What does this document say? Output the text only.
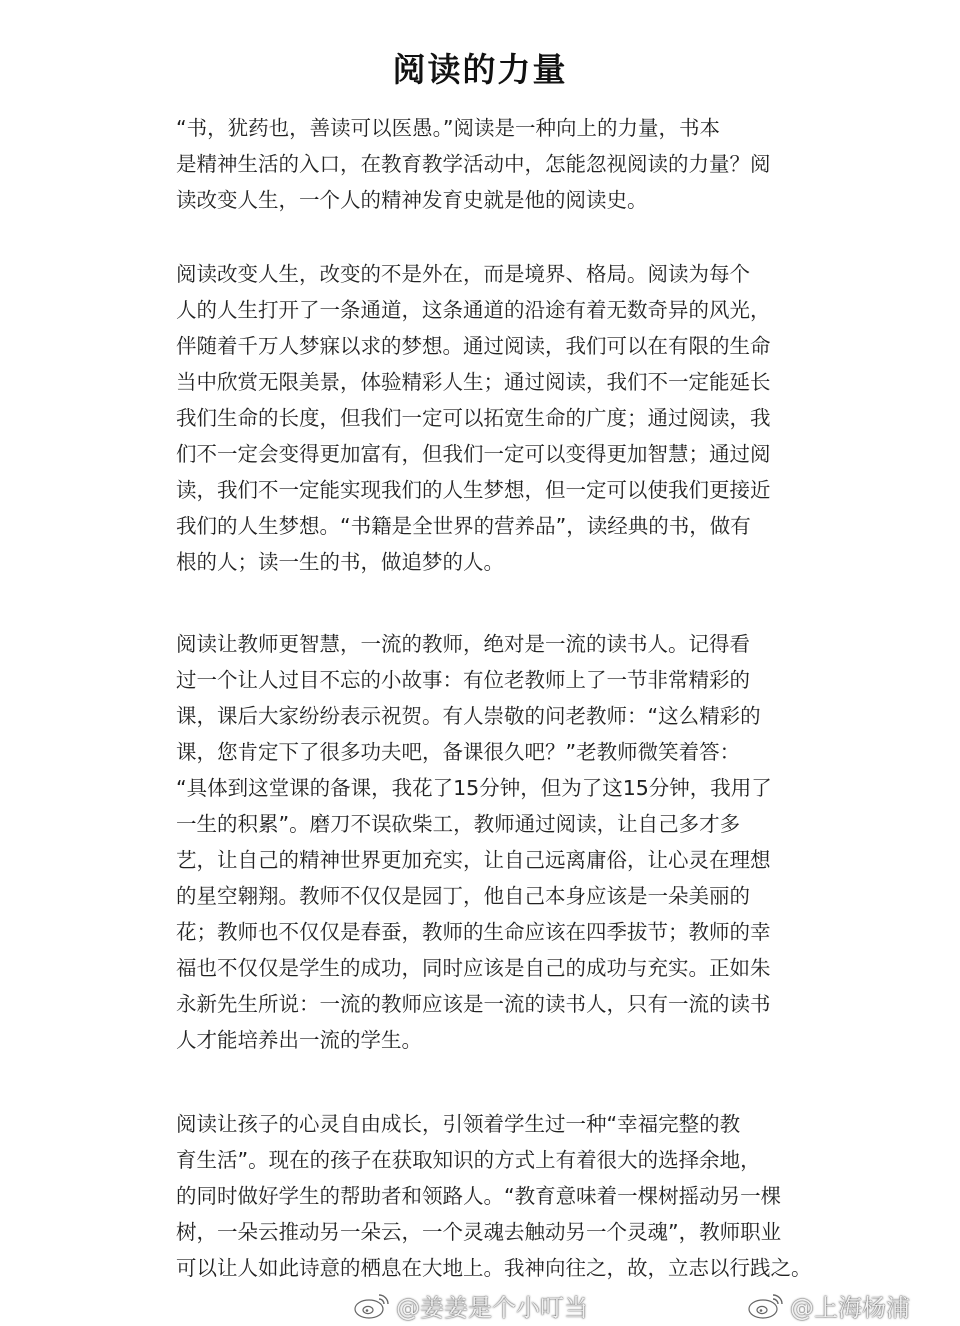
阅读的力量
“书，犹药也，善读可以医愚。”阅读是一种向上的力量，书本
是精神生活的入口，在教育教学活动中，怎能忽视阅读的力量？阅
读改变人生，一个人的精神发育史就是他的阅读史。
阅读改变人生，改变的不是外在，而是境界、格局。阅读为每个
人的人生打开了一条通道，这条通道的沿途有着无数奇异的风光，
伴随着千万人梦寐以求的梦想。通过阅读，我们可以在有限的生命
当中欣赏无限美景，体验精彩人生；通过阅读，我们不一定能延长
我们生命的长度，但我们一定可以拓宽生命的广度；通过阅读，我
们不一定会变得更加富有，但我们一定可以变得更加智慧；通过阅
读，我们不一定能实现我们的人生梦想，但一定可以使我们更接近
我们的人生梦想。“书籍是全世界的营养品”，读经典的书，做有
根的人；读一生的书，做追梦的人。
阅读让教师更智慧，一流的教师，绝对是一流的读书人。记得看
过一个让人过目不忘的小故事：有位老教师上了一节非常精彩的
课，课后大家纷纷表示祝贺。有人崇敬的问老教师：“这么精彩的
课，您肯定下了很多功夫吧，备课很久吧？”老教师微笑着答：
“具体到这堂课的备课，我花了15分钟，但为了这15分钟，我用了
一生的积累”。磨刀不误砍柴工，教师通过阅读，让自己多才多
艺，让自己的精神世界更加充实，让自己远离庸俗，让心灵在理想
的星空翱翔。教师不仅仅是园丁，他自己本身应该是一朵美丽的
花；教师也不仅仅是春蚕，教师的生命应该在四季拔节；教师的幸
福也不仅仅是学生的成功，同时应该是自己的成功与充实。正如朱
永新先生所说：一流的教师应该是一流的读书人，只有一流的读书
人才能培养出一流的学生。
阅读让孩子的心灵自由成长，引领着学生过一种“幸福完整的教
育生活”。现在的孩子在获取知识的方式上有着很大的选择余地，
的同时做好学生的帮助者和领路人。“教育意味着一棵树摇动另一棵
树，一朵云推动另一朵云，一个灵魂去触动另一个灵魂”，教师职业
可以让人如此诗意的栖息在大地上。我神向往之，故，立志以行践之。
@姜姜是个小叮当	@上海杨浦
